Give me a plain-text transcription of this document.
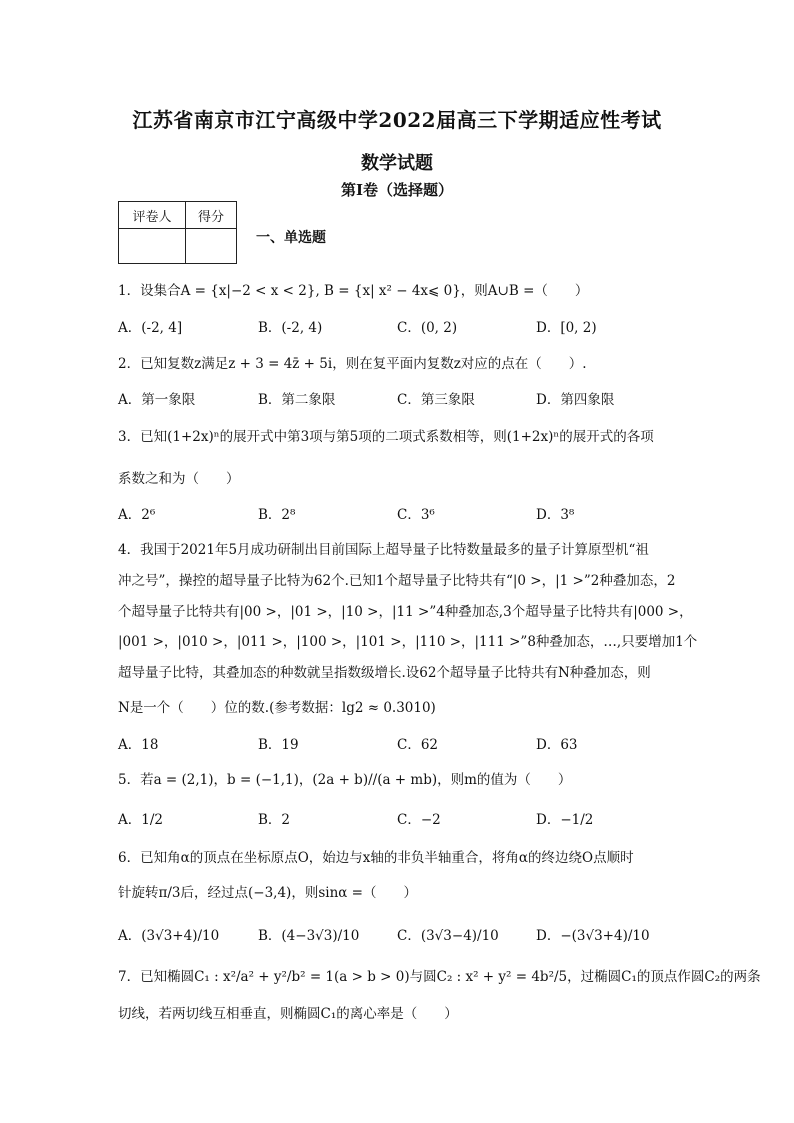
江苏省南京市江宁高级中学2022届高三下学期适应性考试
数学试题
第I卷（选择题）
评卷人	得分

一、单选题
1．设集合A = {x|−2 < x < 2}, B = {x| x² − 4x⩽ 0}，则A∪B =（　　）
A．(-2, 4]	B．(-2, 4)	C．(0, 2)	D．[0, 2)
2．已知复数z满足z + 3 = 4z̄ + 5i，则在复平面内复数z对应的点在（　　）.
A．第一象限	B．第二象限	C．第三象限	D．第四象限
3．已知(1+2x)ⁿ的展开式中第3项与第5项的二项式系数相等，则(1+2x)ⁿ的展开式的各项
系数之和为（　　）
A．2⁶	B．2⁸	C．3⁶	D．3⁸
4．我国于2021年5月成功研制出目前国际上超导量子比特数量最多的量子计算原型机“祖
冲之号”，操控的超导量子比特为62个.已知1个超导量子比特共有“|0 >，|1 >”2种叠加态，2
个超导量子比特共有|00 >，|01 >，|10 >，|11 >”4种叠加态,3个超导量子比特共有|000 >，
|001 >，|010 >，|011 >，|100 >，|101 >，|110 >，|111 >”8种叠加态，…,只要增加1个
超导量子比特，其叠加态的种数就呈指数级增长.设62个超导量子比特共有N种叠加态，则
N是一个（　　）位的数.(参考数据：lg2 ≈ 0.3010)
A．18	B．19	C．62	D．63
5．若a = (2,1)，b = (−1,1)，(2a + b)//(a + mb)，则m的值为（　　）
A．1/2	B．2	C．−2	D．−1/2
6．已知角α的顶点在坐标原点O，始边与x轴的非负半轴重合，将角α的终边绕O点顺时
针旋转π/3后，经过点(−3,4)，则sinα =（　　）
A．(3√3+4)/10	B．(4−3√3)/10	C．(3√3−4)/10	D．−(3√3+4)/10
7．已知椭圆C₁ : x²/a² + y²/b² = 1(a > b > 0)与圆C₂ : x² + y² = 4b²/5，过椭圆C₁的顶点作圆C₂的两条
切线，若两切线互相垂直，则椭圆C₁的离心率是（　　）
